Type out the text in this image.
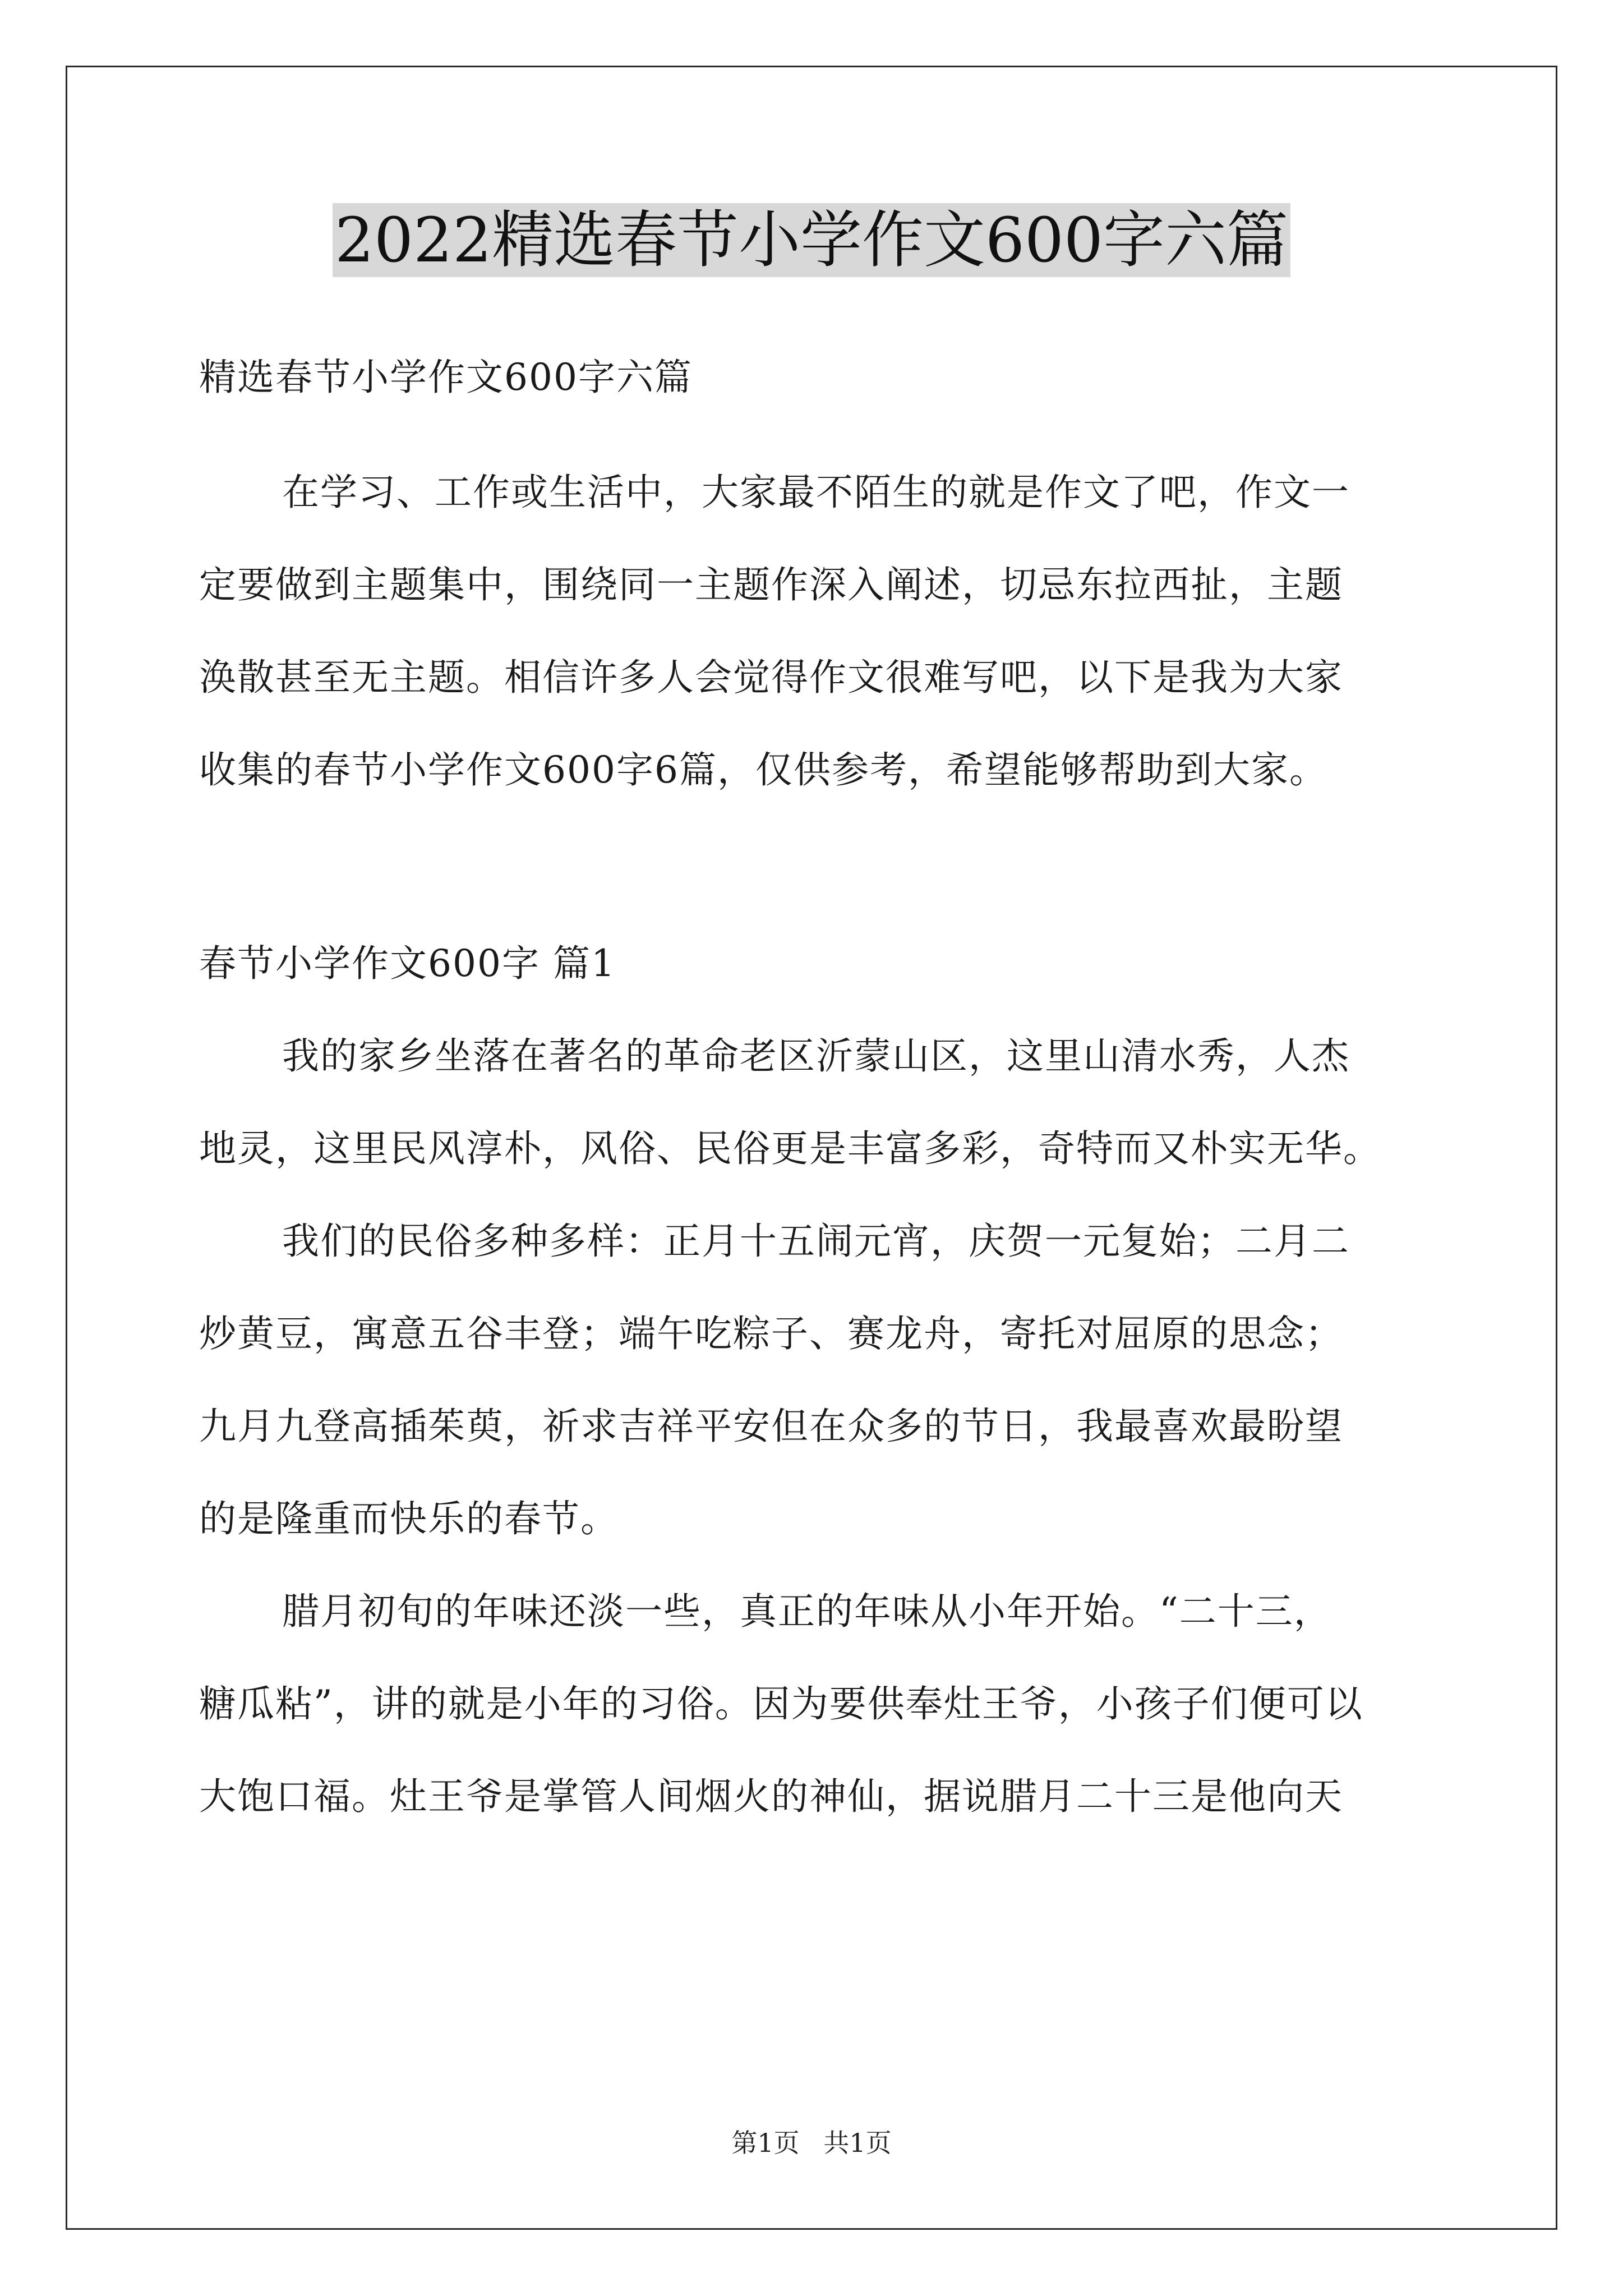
2022精选春节小学作文600字六篇

精选春节小学作文600字六篇

在学习、工作或生活中，大家最不陌生的就是作文了吧，作文一

定要做到主题集中，围绕同一主题作深入阐述，切忌东拉西扯，主题

涣散甚至无主题。相信许多人会觉得作文很难写吧，以下是我为大家

收集的春节小学作文600字6篇，仅供参考，希望能够帮助到大家。

春节小学作文600字 篇1

我的家乡坐落在著名的革命老区沂蒙山区，这里山清水秀，人杰

地灵，这里民风淳朴，风俗、民俗更是丰富多彩，奇特而又朴实无华。

我们的民俗多种多样：正月十五闹元宵，庆贺一元复始；二月二

炒黄豆，寓意五谷丰登；端午吃粽子、赛龙舟，寄托对屈原的思念；

九月九登高插茱萸，祈求吉祥平安但在众多的节日，我最喜欢最盼望

的是隆重而快乐的春节。

腊月初旬的年味还淡一些，真正的年味从小年开始。“二十三，

糖瓜粘”，讲的就是小年的习俗。因为要供奉灶王爷，小孩子们便可以

大饱口福。灶王爷是掌管人间烟火的神仙，据说腊月二十三是他向天

第1页 共1页
